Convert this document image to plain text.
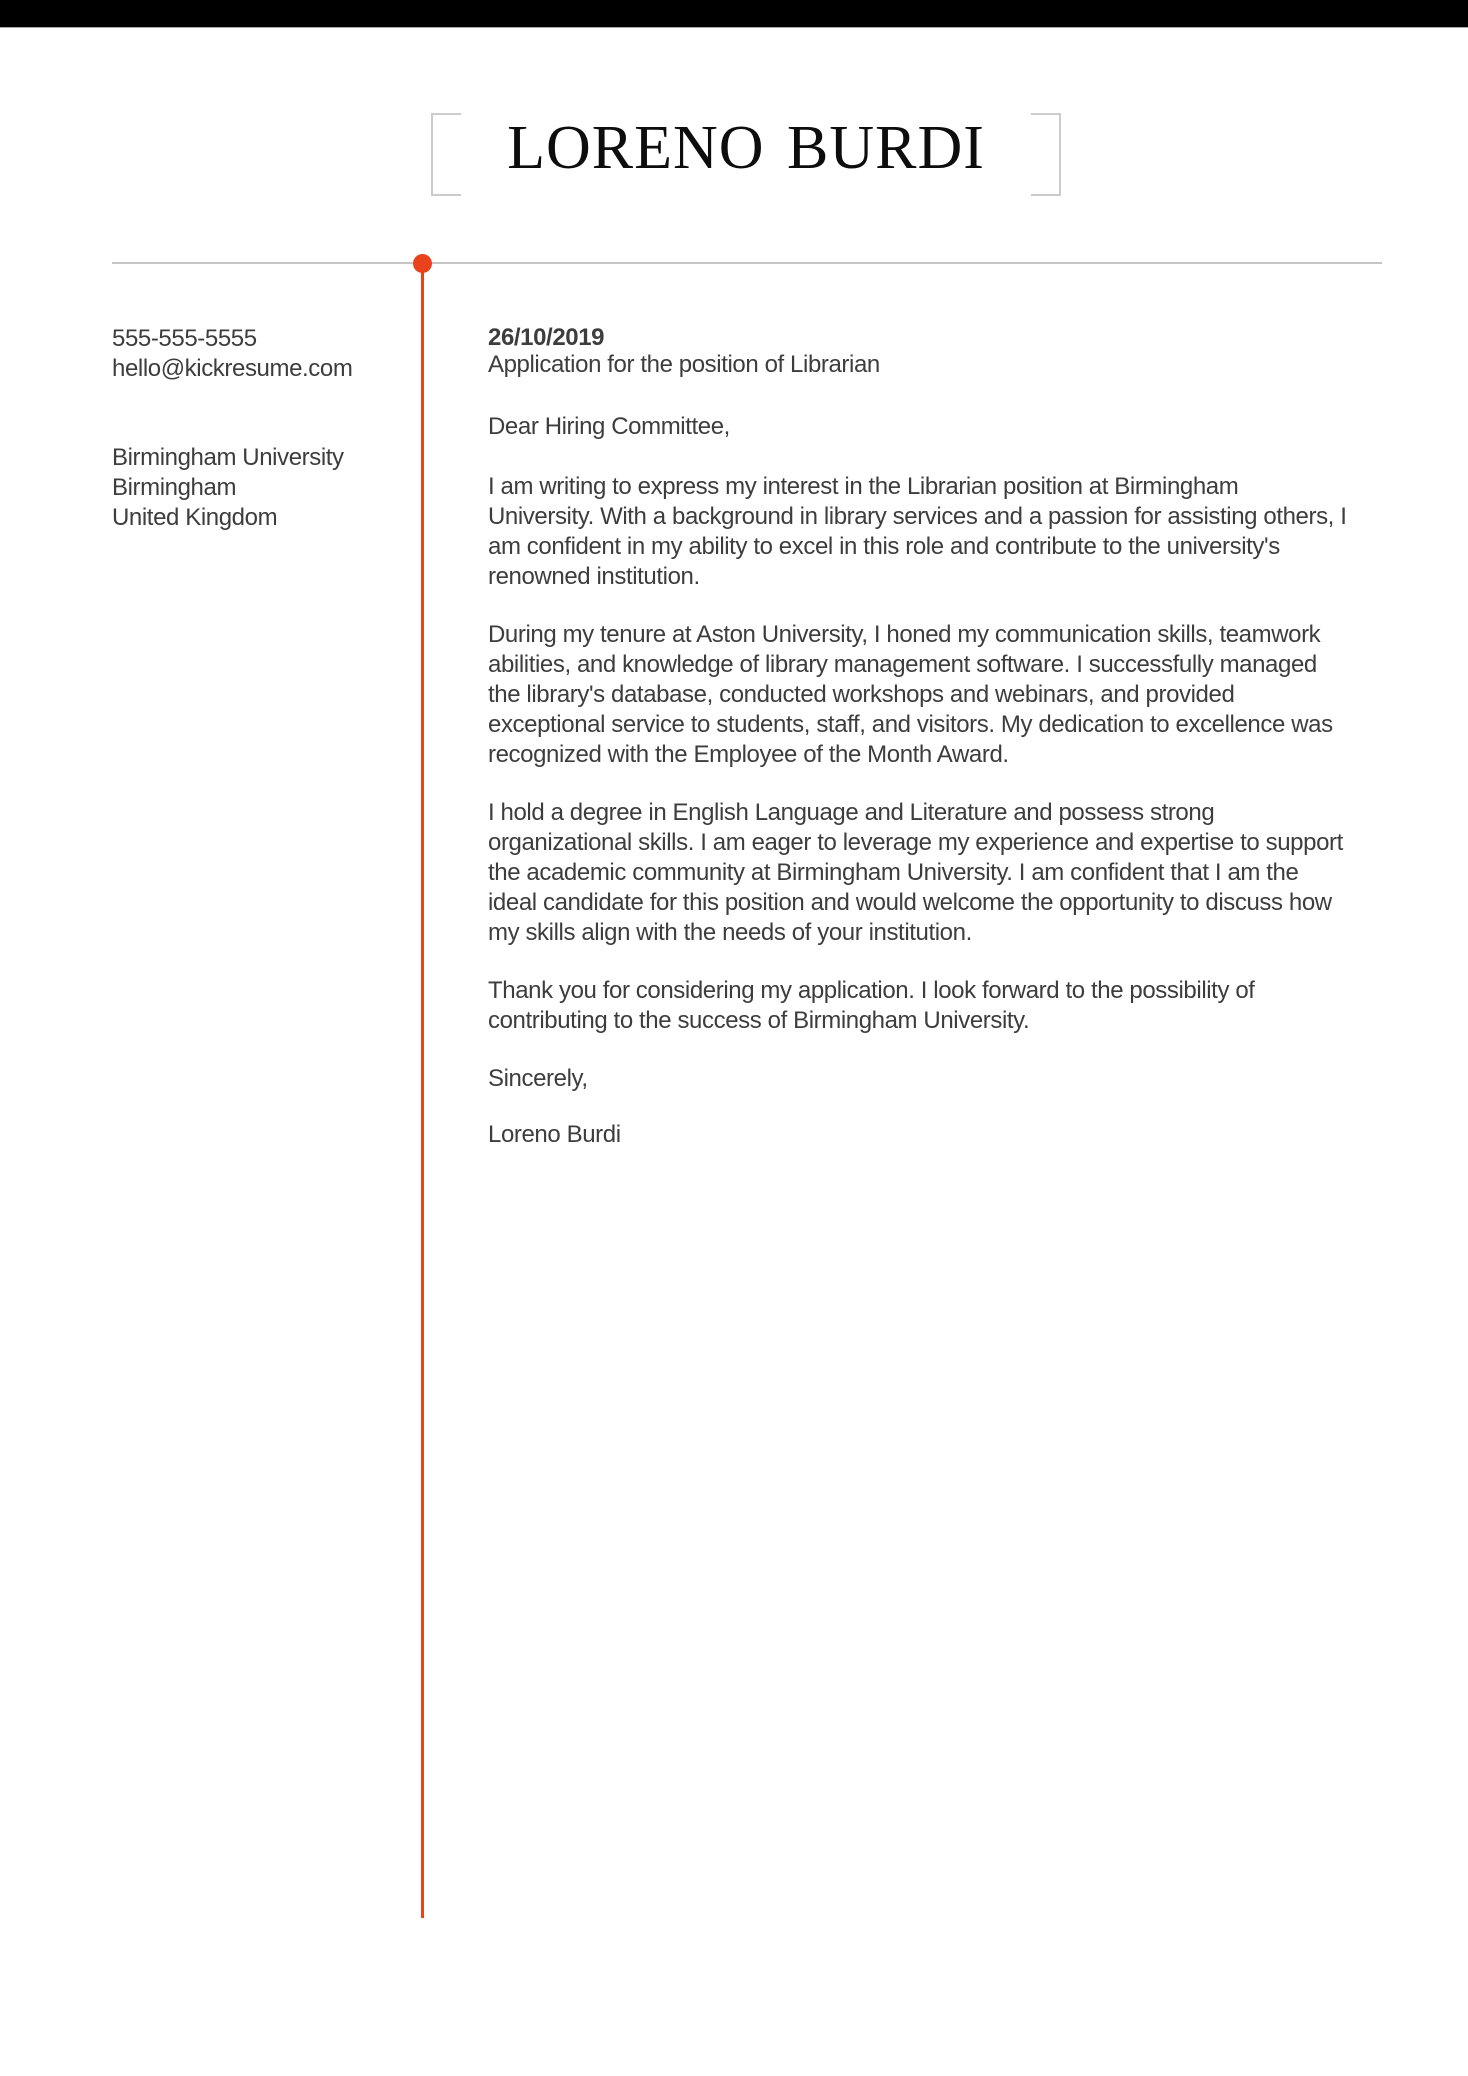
LORENO BURDI
555-555-5555
hello@kickresume.com
Birmingham University
Birmingham
United Kingdom
26/10/2019
Application for the position of Librarian
Dear Hiring Committee,
I am writing to express my interest in the Librarian position at Birmingham
University. With a background in library services and a passion for assisting others, I
am confident in my ability to excel in this role and contribute to the university's
renowned institution.
During my tenure at Aston University, I honed my communication skills, teamwork
abilities, and knowledge of library management software. I successfully managed
the library's database, conducted workshops and webinars, and provided
exceptional service to students, staff, and visitors. My dedication to excellence was
recognized with the Employee of the Month Award.
I hold a degree in English Language and Literature and possess strong
organizational skills. I am eager to leverage my experience and expertise to support
the academic community at Birmingham University. I am confident that I am the
ideal candidate for this position and would welcome the opportunity to discuss how
my skills align with the needs of your institution.
Thank you for considering my application. I look forward to the possibility of
contributing to the success of Birmingham University.
Sincerely,
Loreno Burdi
